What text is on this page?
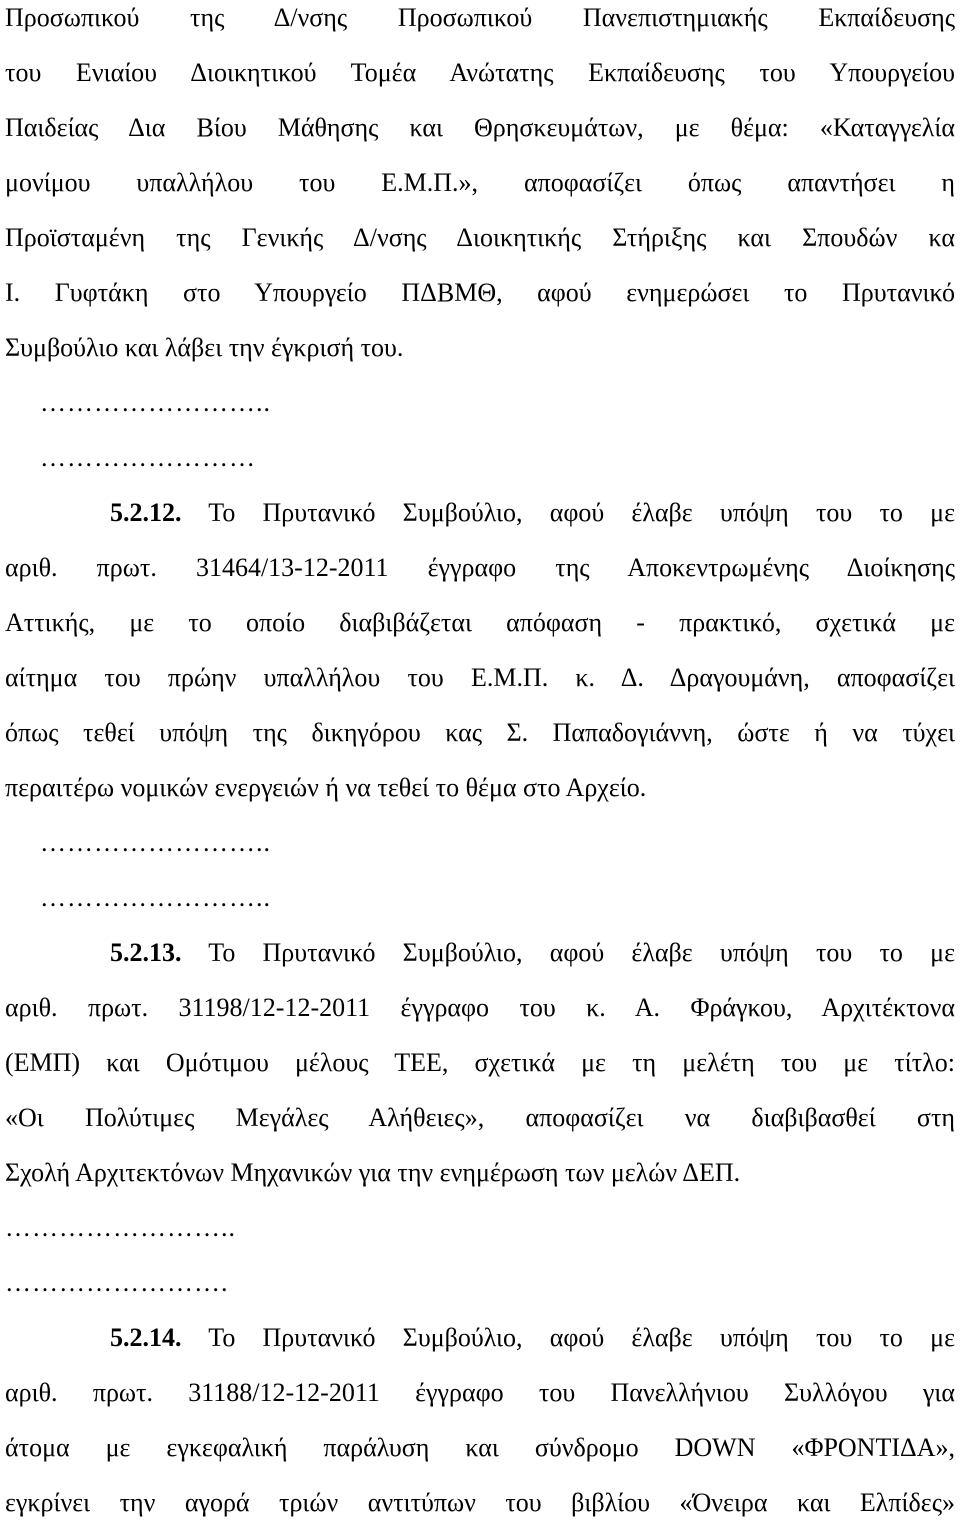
Προσωπικού της Δ/νσης Προσωπικού Πανεπιστημιακής Εκπαίδευσης
του Ενιαίου Διοικητικού Τομέα Ανώτατης Εκπαίδευσης του Υπουργείου
Παιδείας Δια Βίου Μάθησης και Θρησκευμάτων, με θέμα: «Καταγγελία
μονίμου υπαλλήλου του Ε.Μ.Π.», αποφασίζει όπως απαντήσει η
Προϊσταμένη της Γενικής Δ/νσης Διοικητικής Στήριξης και Σπουδών κα
Ι. Γυφτάκη στο Υπουργείο ΠΔΒΜΘ, αφού ενημερώσει το Πρυτανικό
Συμβούλιο και λάβει την έγκρισή του.
……………………..
……………………
5.2.12. Το Πρυτανικό Συμβούλιο, αφού έλαβε υπόψη του το με
αριθ. πρωτ. 31464/13-12-2011 έγγραφο της Αποκεντρωμένης Διοίκησης
Αττικής, με το οποίο διαβιβάζεται απόφαση - πρακτικό, σχετικά με
αίτημα του πρώην υπαλλήλου του Ε.Μ.Π. κ. Δ. Δραγουμάνη, αποφασίζει
όπως τεθεί υπόψη της δικηγόρου κας Σ. Παπαδογιάννη, ώστε ή να τύχει
περαιτέρω νομικών ενεργειών ή να τεθεί το θέμα στο Αρχείο.
……………………..
……………………..
5.2.13. Το Πρυτανικό Συμβούλιο, αφού έλαβε υπόψη του το με
αριθ. πρωτ. 31198/12-12-2011 έγγραφο του κ. Α. Φράγκου, Αρχιτέκτονα
(ΕΜΠ) και Ομότιμου μέλους ΤΕΕ, σχετικά με τη μελέτη του με τίτλο:
«Οι Πολύτιμες Μεγάλες Αλήθειες», αποφασίζει να διαβιβασθεί στη
Σχολή Αρχιτεκτόνων Μηχανικών για την ενημέρωση των μελών ΔΕΠ.
……………………..
…………………….
5.2.14. Το Πρυτανικό Συμβούλιο, αφού έλαβε υπόψη του το με
αριθ. πρωτ. 31188/12-12-2011 έγγραφο του Πανελλήνιου Συλλόγου για
άτομα με εγκεφαλική παράλυση και σύνδρομο DOWN «ΦΡΟΝΤΙΔΑ»,
εγκρίνει την αγορά τριών αντιτύπων του βιβλίου «Όνειρα και Ελπίδες»
